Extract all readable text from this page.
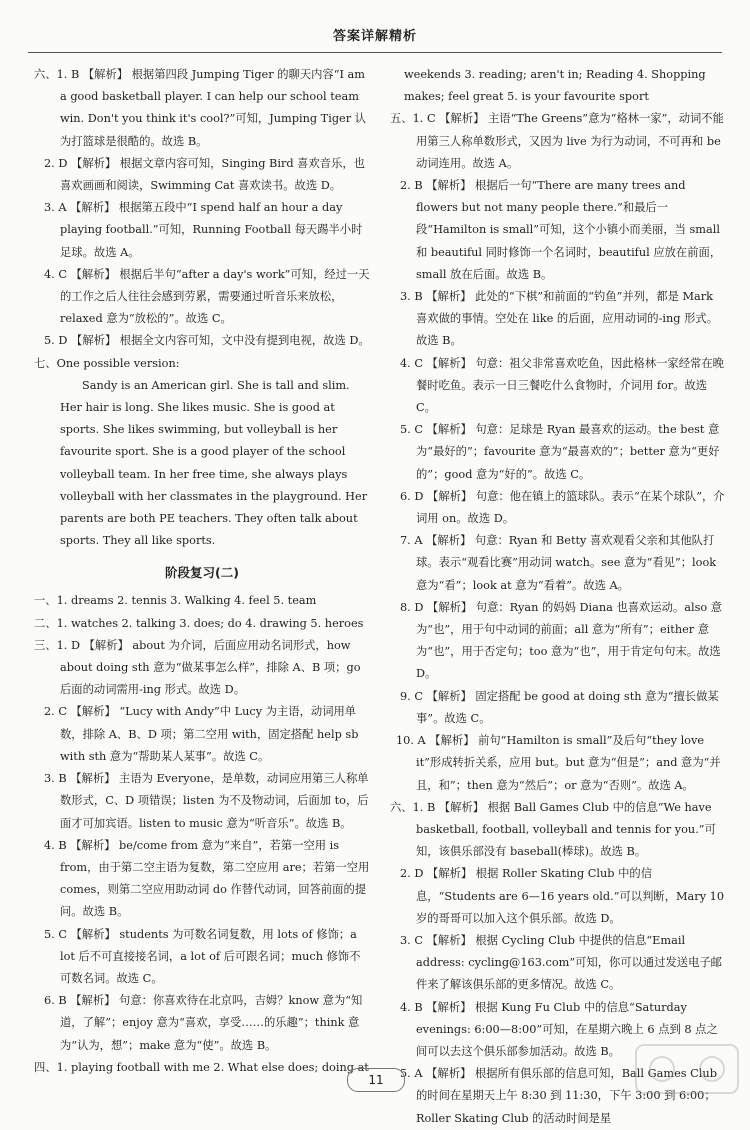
答案详解精析

六、1. B 【解析】 根据第四段 Jumping Tiger 的聊天内容“I am a good basketball player. I can help our school team win. Don't you think it's cool?”可知，Jumping Tiger 认为打篮球是很酷的。故选 B。

2. D 【解析】 根据文章内容可知，Singing Bird 喜欢音乐，也喜欢画画和阅读，Swimming Cat 喜欢读书。故选 D。

3. A 【解析】 根据第五段中“I spend half an hour a day playing football.”可知，Running Football 每天踢半小时足球。故选 A。

4. C 【解析】 根据后半句“after a day's work”可知，经过一天的工作之后人往往会感到劳累，需要通过听音乐来放松，relaxed 意为“放松的”。故选 C。

5. D 【解析】 根据全文内容可知，文中没有提到电视，故选 D。

七、One possible version:

Sandy is an American girl. She is tall and slim. Her hair is long. She likes music. She is good at sports. She likes swimming, but volleyball is her favourite sport. She is a good player of the school volleyball team. In her free time, she always plays volleyball with her classmates in the playground. Her parents are both PE teachers. They often talk about sports. They all like sports.

阶段复习(二)

一、1. dreams 2. tennis 3. Walking 4. feel 5. team

二、1. watches 2. talking 3. does; do 4. drawing 5. heroes

三、1. D 【解析】 about 为介词，后面应用动名词形式，how about doing sth 意为“做某事怎么样”，排除 A、B 项；go 后面的动词需用-ing 形式。故选 D。

2. C 【解析】 “Lucy with Andy”中 Lucy 为主语，动词用单数，排除 A、B、D 项；第二空用 with，固定搭配 help sb with sth 意为“帮助某人某事”。故选 C。

3. B 【解析】 主语为 Everyone，是单数，动词应用第三人称单数形式，C、D 项错误；listen 为不及物动词，后面加 to，后面才可加宾语。listen to music 意为“听音乐”。故选 B。

4. B 【解析】 be/come from 意为“来自”，若第一空用 is from，由于第二空主语为复数，第二空应用 are；若第一空用 comes，则第二空应用助动词 do 作替代动词，回答前面的提问。故选 B。

5. C 【解析】 students 为可数名词复数，用 lots of 修饰；a lot 后不可直接接名词，a lot of 后可跟名词；much 修饰不可数名词。故选 C。

6. B 【解析】 句意：你喜欢待在北京吗，吉姆？know 意为“知道，了解”；enjoy 意为“喜欢，享受……的乐趣”；think 意为“认为，想”；make 意为“使”。故选 B。

四、1. playing football with me 2. What else does; doing at

weekends 3. reading; aren't in; Reading 4. Shopping makes; feel great 5. is your favourite sport

五、1. C 【解析】 主语“The Greens”意为“格林一家”，动词不能用第三人称单数形式，又因为 live 为行为动词，不可再和 be 动词连用。故选 A。

2. B 【解析】 根据后一句“There are many trees and flowers but not many people there.”和最后一段“Hamilton is small”可知，这个小镇小而美丽，当 small 和 beautiful 同时修饰一个名词时，beautiful 应放在前面，small 放在后面。故选 B。

3. B 【解析】 此处的“下棋”和前面的“钓鱼”并列，都是 Mark 喜欢做的事情。空处在 like 的后面，应用动词的-ing 形式。故选 B。

4. C 【解析】 句意：祖父非常喜欢吃鱼，因此格林一家经常在晚餐时吃鱼。表示一日三餐吃什么食物时，介词用 for。故选 C。

5. C 【解析】 句意：足球是 Ryan 最喜欢的运动。the best 意为“最好的”；favourite 意为“最喜欢的”；better 意为“更好的”；good 意为“好的”。故选 C。

6. D 【解析】 句意：他在镇上的篮球队。表示“在某个球队”，介词用 on。故选 D。

7. A 【解析】 句意：Ryan 和 Betty 喜欢观看父亲和其他队打球。表示“观看比赛”用动词 watch。see 意为“看见”；look 意为“看”；look at 意为“看着”。故选 A。

8. D 【解析】 句意：Ryan 的妈妈 Diana 也喜欢运动。also 意为“也”，用于句中动词的前面；all 意为“所有”；either 意为“也”，用于否定句；too 意为“也”，用于肯定句句末。故选 D。

9. C 【解析】 固定搭配 be good at doing sth 意为“擅长做某事”。故选 C。

10. A 【解析】 前句“Hamilton is small”及后句“they love it”形成转折关系，应用 but。but 意为“但是”；and 意为“并且，和”；then 意为“然后”；or 意为“否则”。故选 A。

六、1. B 【解析】 根据 Ball Games Club 中的信息“We have basketball, football, volleyball and tennis for you.”可知，该俱乐部没有 baseball(棒球)。故选 B。

2. D 【解析】 根据 Roller Skating Club 中的信息，“Students are 6—16 years old.”可以判断，Mary 10 岁的哥哥可以加入这个俱乐部。故选 D。

3. C 【解析】 根据 Cycling Club 中提供的信息“Email address: cycling@163.com”可知，你可以通过发送电子邮件来了解该俱乐部的更多情况。故选 C。

4. B 【解析】 根据 Kung Fu Club 中的信息“Saturday evenings: 6:00—8:00”可知，在星期六晚上 6 点到 8 点之间可以去这个俱乐部参加活动。故选 B。

5. A 【解析】 根据所有俱乐部的信息可知，Ball Games Club 的时间在星期天上午 8:30 到 11:30，下午 3:00 到 6:00；Roller Skating Club 的活动时间是星

11
